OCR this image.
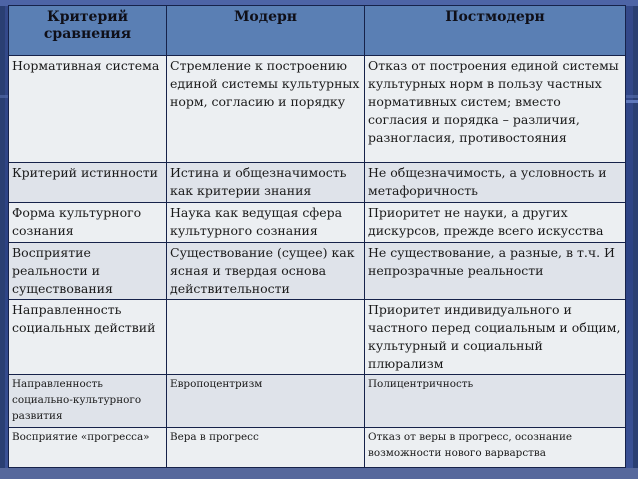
Критерий сравнения	Модерн	Постмодерн
Нормативная система	Стремление к построению единой системы культурных норм, согласию и порядку	Отказ от построения единой системы культурных норм в пользу частных нормативных систем; вместо согласия и порядка – различия, разногласия, противостояния
Критерий истинности	Истина и общезначимость как критерии знания	Не общезначимость, а условность и метафоричность
Форма культурного сознания	Наука как ведущая сфера культурного сознания	Приоритет не науки, а других дискурсов, прежде всего искусства
Восприятие реальности и существования	Существование (сущее) как ясная и твердая основа действительности	Не существование, а разные, в т.ч. И непрозрачные реальности
Направленность социальных действий		Приоритет индивидуального и частного перед социальным и общим, культурный и социальный плюрализм
Направленность социально-культурного развития	Европоцентризм	Полицентричность
Восприятие «прогресса»	Вера в прогресс	Отказ от веры в прогресс, осознание возможности нового варварства
